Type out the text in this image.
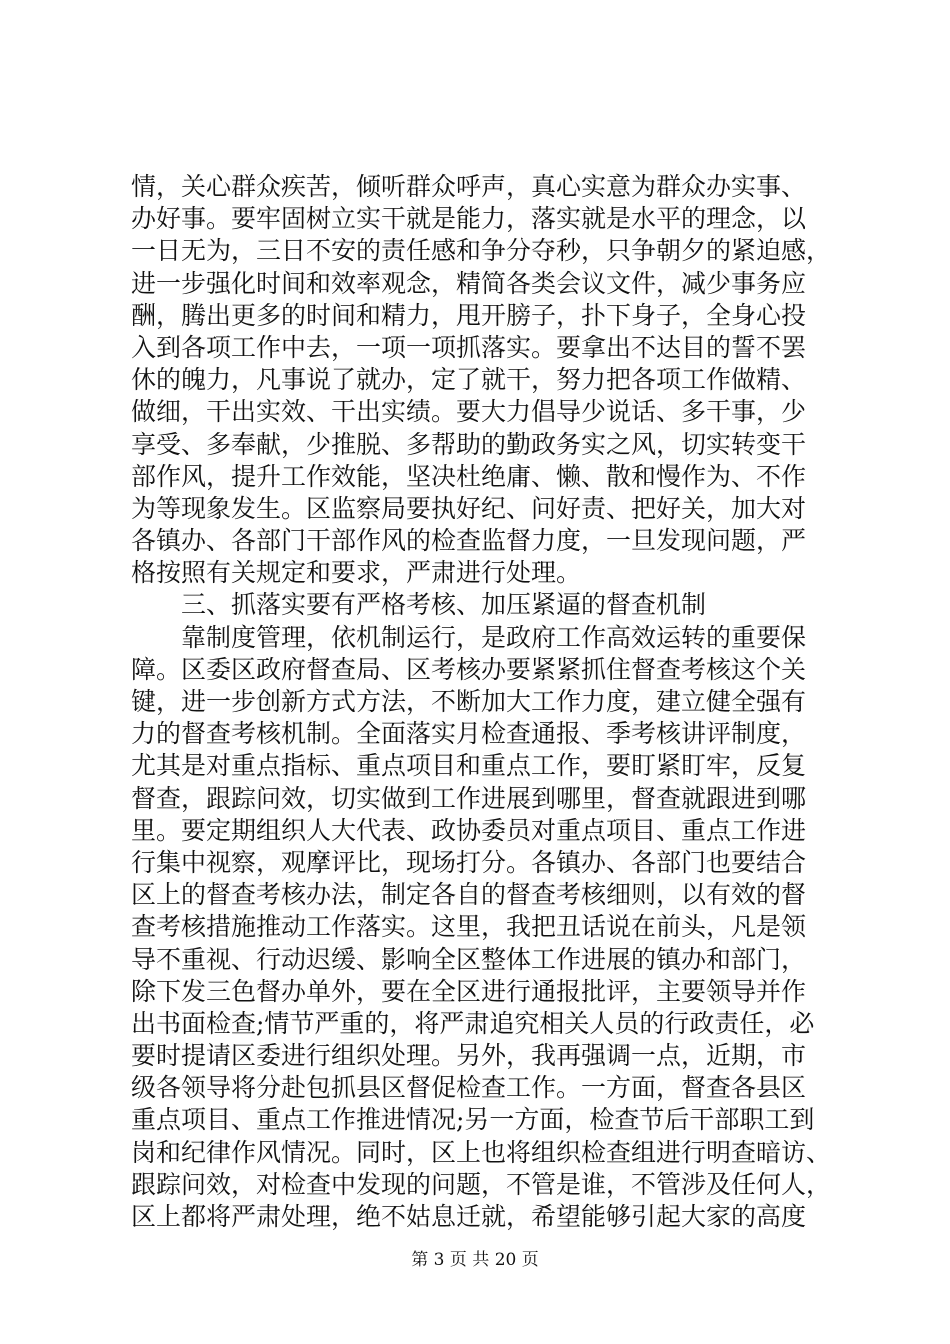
情，关心群众疾苦，倾听群众呼声，真心实意为群众办实事、
办好事。要牢固树立实干就是能力，落实就是水平的理念，以
一日无为，三日不安的责任感和争分夺秒，只争朝夕的紧迫感，
进一步强化时间和效率观念，精简各类会议文件，减少事务应
酬，腾出更多的时间和精力，甩开膀子，扑下身子，全身心投
入到各项工作中去，一项一项抓落实。要拿出不达目的誓不罢
休的魄力，凡事说了就办，定了就干，努力把各项工作做精、
做细，干出实效、干出实绩。要大力倡导少说话、多干事，少
享受、多奉献，少推脱、多帮助的勤政务实之风，切实转变干
部作风，提升工作效能，坚决杜绝庸、懒、散和慢作为、不作
为等现象发生。区监察局要执好纪、问好责、把好关，加大对
各镇办、各部门干部作风的检查监督力度，一旦发现问题，严
格按照有关规定和要求，严肃进行处理。
　　三、抓落实要有严格考核、加压紧逼的督查机制
　　靠制度管理，依机制运行，是政府工作高效运转的重要保
障。区委区政府督查局、区考核办要紧紧抓住督查考核这个关
键，进一步创新方式方法，不断加大工作力度，建立健全强有
力的督查考核机制。全面落实月检查通报、季考核讲评制度，
尤其是对重点指标、重点项目和重点工作，要盯紧盯牢，反复
督查，跟踪问效，切实做到工作进展到哪里，督查就跟进到哪
里。要定期组织人大代表、政协委员对重点项目、重点工作进
行集中视察，观摩评比，现场打分。各镇办、各部门也要结合
区上的督查考核办法，制定各自的督查考核细则，以有效的督
查考核措施推动工作落实。这里，我把丑话说在前头，凡是领
导不重视、行动迟缓、影响全区整体工作进展的镇办和部门，
除下发三色督办单外，要在全区进行通报批评，主要领导并作
出书面检查;情节严重的，将严肃追究相关人员的行政责任，必
要时提请区委进行组织处理。另外，我再强调一点，近期，市
级各领导将分赴包抓县区督促检查工作。一方面，督查各县区
重点项目、重点工作推进情况;另一方面，检查节后干部职工到
岗和纪律作风情况。同时，区上也将组织检查组进行明查暗访、
跟踪问效，对检查中发现的问题，不管是谁，不管涉及任何人，
区上都将严肃处理，绝不姑息迁就，希望能够引起大家的高度
第 3 页 共 20 页
